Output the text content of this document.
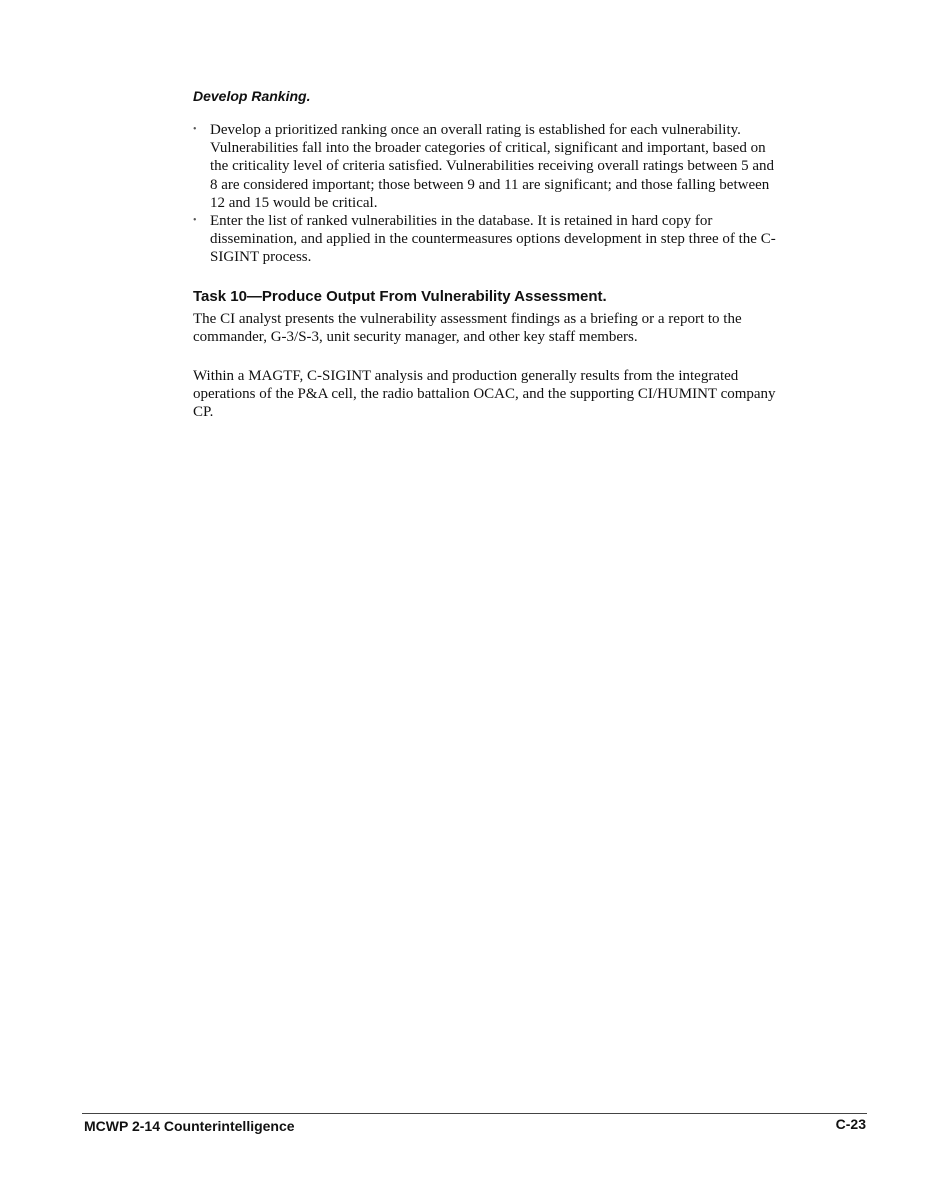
Develop Ranking.
• Develop a prioritized ranking once an overall rating is established for each vulnerability. Vulnerabilities fall into the broader categories of critical, significant and important, based on the criticality level of criteria satisfied. Vulnerabilities receiving overall ratings between 5 and 8 are considered important; those between 9 and 11 are significant; and those falling between 12 and 15 would be critical.
• Enter the list of ranked vulnerabilities in the database. It is retained in hard copy for dissemination, and applied in the countermeasures options development in step three of the C-SIGINT process.
Task 10—Produce Output From Vulnerability Assessment.

The CI analyst presents the vulnerability assessment findings as a briefing or a report to the commander, G-3/S-3, unit security manager, and other key staff members.

Within a MAGTF, C-SIGINT analysis and production generally results from the integrated operations of the P&A cell, the radio battalion OCAC, and the supporting CI/HUMINT company CP.

MCWP 2-14 Counterintelligence	C-23
